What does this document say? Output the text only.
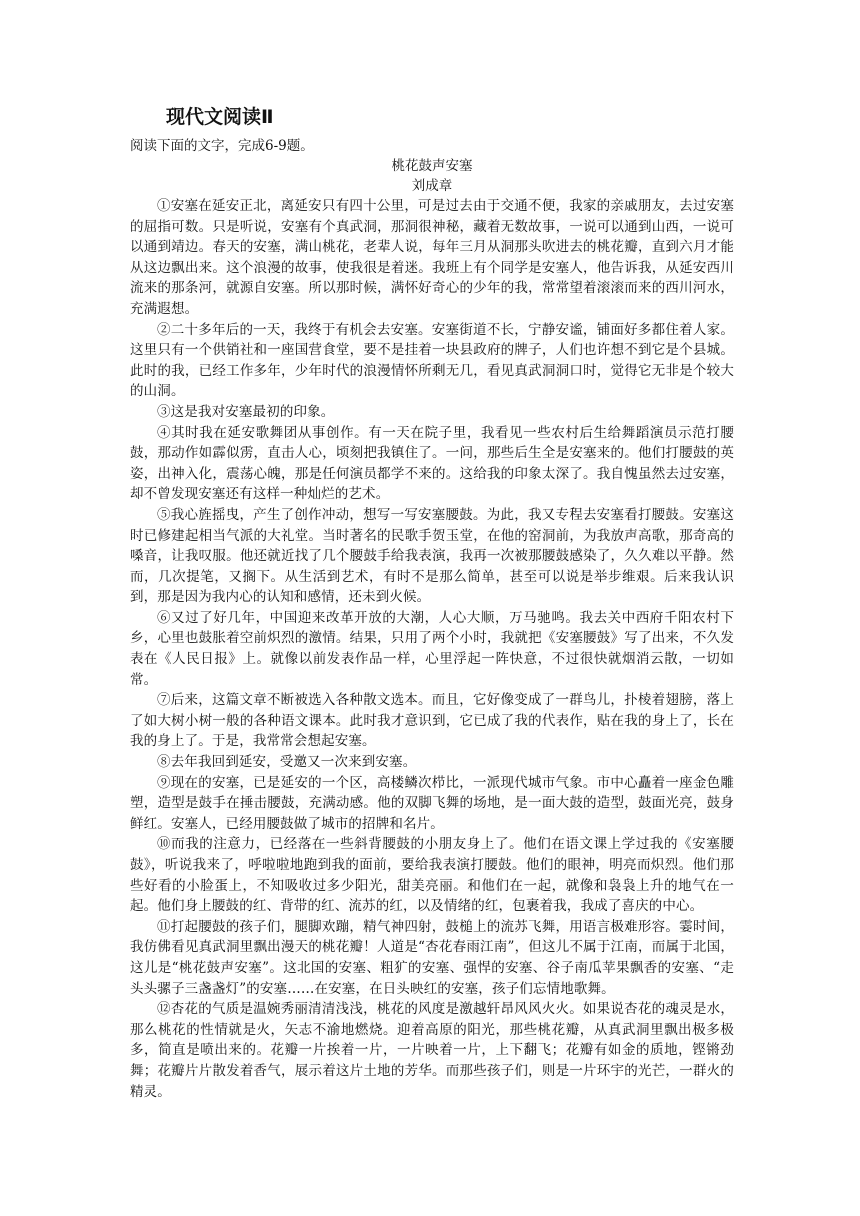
现代文阅读Ⅱ

阅读下面的文字，完成6-9题。

桃花鼓声安塞

刘成章

①安塞在延安正北，离延安只有四十公里，可是过去由于交通不便，我家的亲戚朋友，去过安塞的屈指可数。只是听说，安塞有个真武洞，那洞很神秘，藏着无数故事，一说可以通到山西，一说可以通到靖边。春天的安塞，满山桃花，老辈人说，每年三月从洞那头吹进去的桃花瓣，直到六月才能从这边飘出来。这个浪漫的故事，使我很是着迷。我班上有个同学是安塞人，他告诉我，从延安西川流来的那条河，就源自安塞。所以那时候，满怀好奇心的少年的我，常常望着滚滚而来的西川河水，充满遐想。

②二十多年后的一天，我终于有机会去安塞。安塞街道不长，宁静安谧，铺面好多都住着人家。这里只有一个供销社和一座国营食堂，要不是挂着一块县政府的牌子，人们也许想不到它是个县城。此时的我，已经工作多年，少年时代的浪漫情怀所剩无几，看见真武洞洞口时，觉得它无非是个较大的山洞。

③这是我对安塞最初的印象。

④其时我在延安歌舞团从事创作。有一天在院子里，我看见一些农村后生给舞蹈演员示范打腰鼓，那动作如霹似雳，直击人心，顷刻把我镇住了。一问，那些后生全是安塞来的。他们打腰鼓的英姿，出神入化，震荡心魄，那是任何演员都学不来的。这给我的印象太深了。我自愧虽然去过安塞，却不曾发现安塞还有这样一种灿烂的艺术。

⑤我心旌摇曳，产生了创作冲动，想写一写安塞腰鼓。为此，我又专程去安塞看打腰鼓。安塞这时已修建起相当气派的大礼堂。当时著名的民歌手贺玉堂，在他的窑洞前，为我放声高歌，那奇高的嗓音，让我叹服。他还就近找了几个腰鼓手给我表演，我再一次被那腰鼓感染了，久久难以平静。然而，几次提笔，又搁下。从生活到艺术，有时不是那么简单，甚至可以说是举步维艰。后来我认识到，那是因为我内心的认知和感情，还未到火候。

⑥又过了好几年，中国迎来改革开放的大潮，人心大顺，万马驰鸣。我去关中西府千阳农村下乡，心里也鼓胀着空前炽烈的激情。结果，只用了两个小时，我就把《安塞腰鼓》写了出来，不久发表在《人民日报》上。就像以前发表作品一样，心里浮起一阵快意，不过很快就烟消云散，一切如常。

⑦后来，这篇文章不断被选入各种散文选本。而且，它好像变成了一群鸟儿，扑棱着翅膀，落上了如大树小树一般的各种语文课本。此时我才意识到，它已成了我的代表作，贴在我的身上了，长在我的身上了。于是，我常常会想起安塞。

⑧去年我回到延安，受邀又一次来到安塞。

⑨现在的安塞，已是延安的一个区，高楼鳞次栉比，一派现代城市气象。市中心矗着一座金色雕塑，造型是鼓手在捶击腰鼓，充满动感。他的双脚飞舞的场地，是一面大鼓的造型，鼓面光亮，鼓身鲜红。安塞人，已经用腰鼓做了城市的招牌和名片。

⑩而我的注意力，已经落在一些斜背腰鼓的小朋友身上了。他们在语文课上学过我的《安塞腰鼓》，听说我来了，呼啦啦地跑到我的面前，要给我表演打腰鼓。他们的眼神，明亮而炽烈。他们那些好看的小脸蛋上，不知吸收过多少阳光，甜美亮丽。和他们在一起，就像和袅袅上升的地气在一起。他们身上腰鼓的红、背带的红、流苏的红，以及情绪的红，包裹着我，我成了喜庆的中心。

⑪打起腰鼓的孩子们，腿脚欢蹦，精气神四射，鼓槌上的流苏飞舞，用语言极难形容。霎时间，我仿佛看见真武洞里飘出漫天的桃花瓣！人道是“杏花春雨江南”，但这儿不属于江南，而属于北国，这儿是“桃花鼓声安塞”。这北国的安塞、粗犷的安塞、强悍的安塞、谷子南瓜苹果飘香的安塞、“走头头骡子三盏盏灯”的安塞……在安塞，在日头映红的安塞，孩子们忘情地歌舞。

⑫杏花的气质是温婉秀丽清清浅浅，桃花的风度是激越轩昂风风火火。如果说杏花的魂灵是水，那么桃花的性情就是火，矢志不渝地燃烧。迎着高原的阳光，那些桃花瓣，从真武洞里飘出极多极多，简直是喷出来的。花瓣一片挨着一片，一片映着一片，上下翻飞；花瓣有如金的质地，铿锵劲舞；花瓣片片散发着香气，展示着这片土地的芳华。而那些孩子们，则是一片环宇的光芒，一群火的精灵。
